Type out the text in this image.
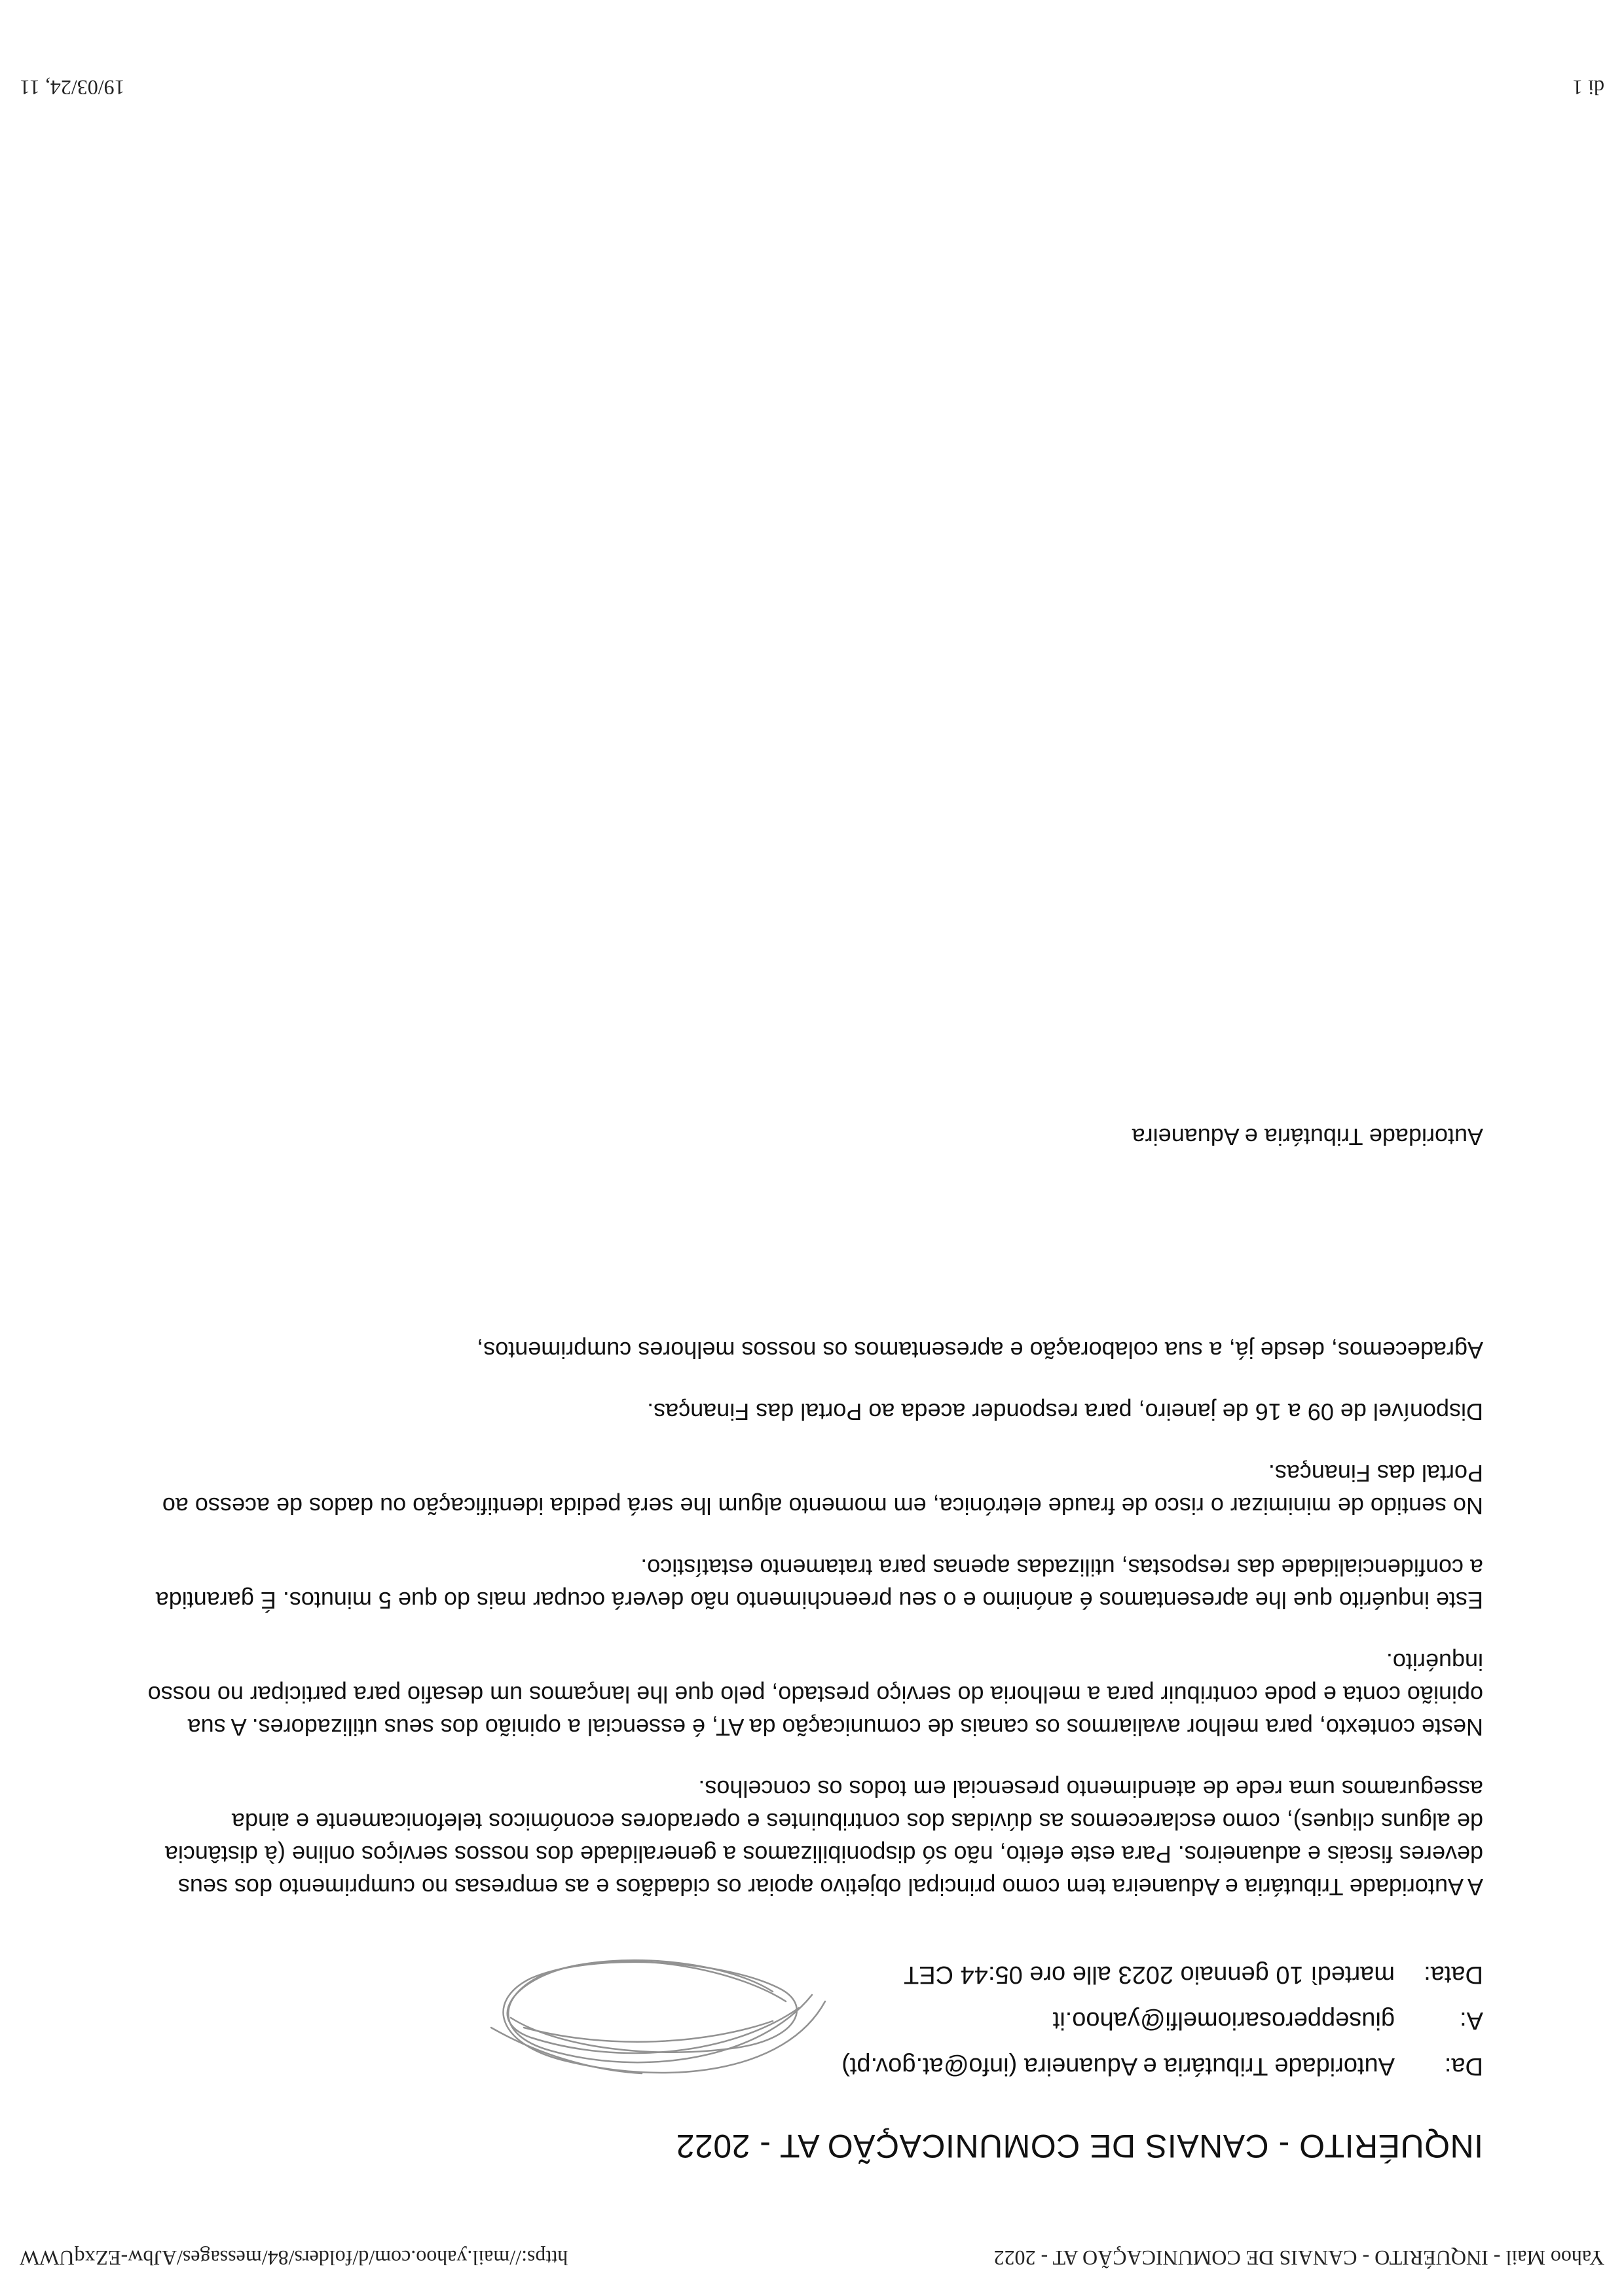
Yahoo Mail - INQUÉRITO - CANAIS DE COMUNICAÇÃO AT - 2022
https://mail.yahoo.com/d/folders/84/messages/AJbw-EZxqUWW
INQUÉRITO - CANAIS DE COMUNICAÇÃO AT - 2022
Da:
Autoridade Tributária e Aduaneira (info@at.gov.pt)
A:
giusepperosariomelfi@yahoo.it
Data:
martedì 10 gennaio 2023 alle ore 05:44 CET

A Autoridade Tributária e Aduaneira tem como principal objetivo apoiar os cidadãos e as empresas no cumprimento dos seus deveres fiscais e aduaneiros. Para este efeito, não só disponibilizamos a generalidade dos nossos serviços online (à distância de alguns cliques), como esclarecemos as dúvidas dos contribuintes e operadores económicos telefonicamente e ainda asseguramos uma rede de atendimento presencial em todos os concelhos.

Neste contexto, para melhor avaliarmos os canais de comunicação da AT, é essencial a opinião dos seus utilizadores. A sua opinião conta e pode contribuir para a melhoria do serviço prestado, pelo que lhe lançamos um desafio para participar no nosso inquérito.

Este inquérito que lhe apresentamos é anónimo e o seu preenchimento não deverá ocupar mais do que 5 minutos. É garantida a confidencialidade das respostas, utilizadas apenas para tratamento estatístico.

No sentido de minimizar o risco de fraude eletrónica, em momento algum lhe será pedida identificação ou dados de acesso ao Portal das Finanças.

Disponível de 09 a 16 de janeiro, para responder aceda ao Portal das Finanças.

Agradecemos, desde já, a sua colaboração e apresentamos os nossos melhores cumprimentos,

Autoridade Tributária e Aduaneira
di 1
19/03/24, 11
